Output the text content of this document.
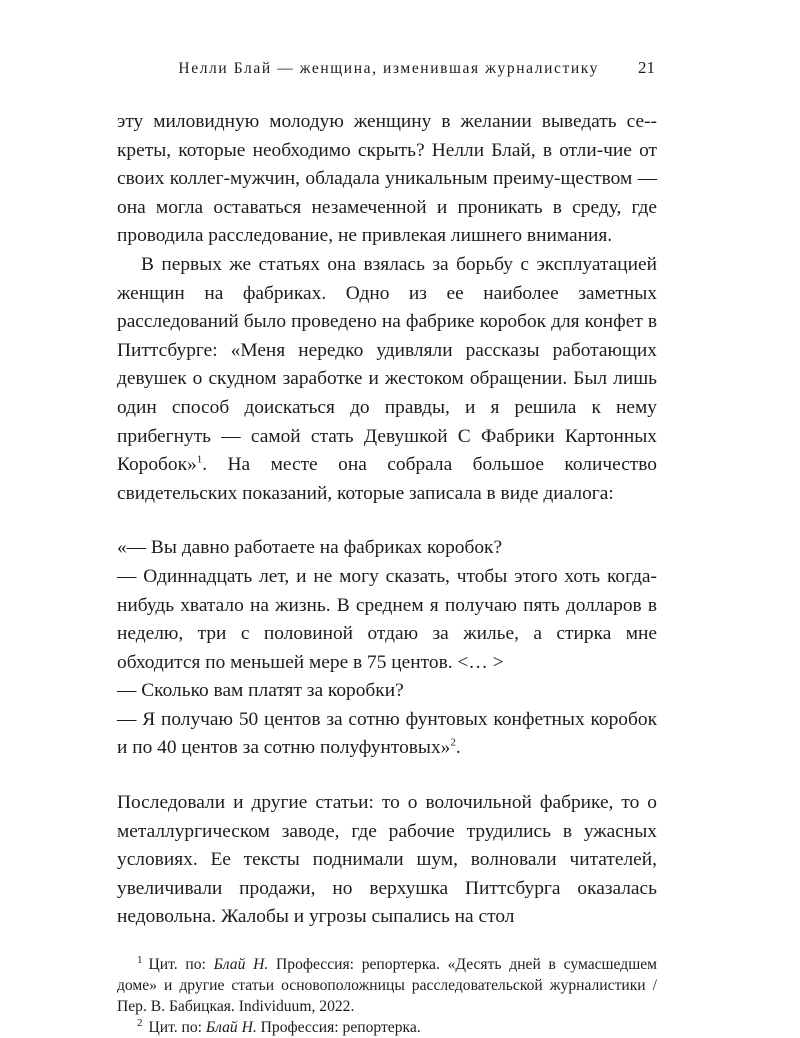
Нелли Блай — женщина, изменившая журналистику 21

эту миловидную молодую женщину в желании выведать се-креты, которые необходимо скрыть? Нелли Блай, в отли-чие от своих коллег-мужчин, обладала уникальным преиму-ществом — она могла оставаться незамеченной и проникать в среду, где проводила расследование, не привлекая лишнего внимания.

В первых же статьях она взялась за борьбу с эксплуатацией женщин на фабриках. Одно из ее наиболее заметных расследований было проведено на фабрике коробок для конфет в Питтсбурге: «Меня нередко удивляли рассказы работающих девушек о скудном заработке и жестоком обращении. Был лишь один способ доискаться до правды, и я решила к нему прибегнуть — самой стать Девушкой С Фабрики Картонных Коробок»$^1$. На месте она собрала большое количество свидетельских показаний, которые записала в виде диалога:

«— Вы давно работаете на фабриках коробок?

— Одиннадцать лет, и не могу сказать, чтобы этого хоть когда-нибудь хватало на жизнь. В среднем я получаю пять долларов в неделю, три с половиной отдаю за жилье, а стирка мне обходится по меньшей мере в 75 центов. <… >

— Сколько вам платят за коробки?

— Я получаю 50 центов за сотню фунтовых конфетных коробок и по 40 центов за сотню полуфунтовых»$^2$.

Последовали и другие статьи: то о волочильной фабрике, то о металлургическом заводе, где рабочие трудились в ужасных условиях. Ее тексты поднимали шум, волновали читателей, увеличивали продажи, но верхушка Питтсбурга оказалась недовольна. Жалобы и угрозы сыпались на стол

$^1$ Цит. по: Блай Н. Профессия: репортерка. «Десять дней в сумасшедшем доме» и другие статьи основоположницы расследовательской журналистики / Пер. В. Бабицкая. Individuum, 2022.

$^2$ Цит. по: Блай Н. Профессия: репортерка.
